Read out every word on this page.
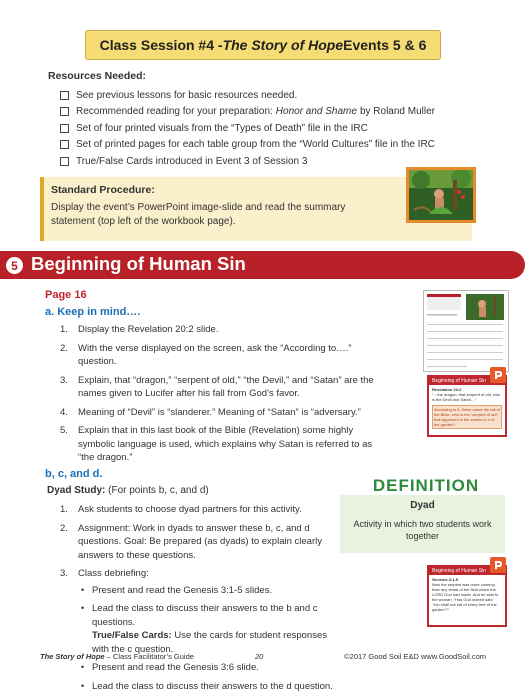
Class Session #4 - The Story of Hope Events 5 & 6
Resources Needed:
See previous lessons for basic resources needed.
Recommended reading for your preparation: Honor and Shame by Roland Muller
Set of four printed visuals from the “Types of Death” file in the IRC
Set of printed pages for each table group from the “World Cultures” file in the IRC
True/False Cards introduced in Event 3 of Session 3
Standard Procedure:
Display the event’s PowerPoint image-slide and read the summary statement (top left of the workbook page).
5 Beginning of Human Sin
Page 16
a. Keep in mind….
1. Display the Revelation 20:2 slide.
2. With the verse displayed on the screen, ask the “According to….” question.
3. Explain, that “dragon,” “serpent of old,” “the Devil,” and “Satan” are the names given to Lucifer after his fall from God’s favor.
4. Meaning of “Devil” is “slanderer.” Meaning of “Satan” is “adversary.”
5. Explain that in this last book of the Bible (Revelation) some highly symbolic language is used, which explains why Satan is referred to as “the dragon.”
b, c, and d.
Dyad Study: (For points b, c, and d)
1. Ask students to choose dyad partners for this activity.
2. Assignment: Work in dyads to answer these b, c, and d questions. Goal: Be prepared (as dyads) to explain clearly answers to these questions.
3. Class debriefing:
• Present and read the Genesis 3:1-5 slides.
• Lead the class to discuss their answers to the b and c questions.
True/False Cards: Use the cards for student responses with the c question.
• Present and read the Genesis 3:6 slide.
• Lead the class to discuss their answers to the d question.
DEFINITION
Dyad
Activity in which two students work together
Beginning of Human Sin
Revelation 20:2
“…the dragon, that serpent of old, who is the Devil and Satan…”
According to it, these name the fall of the Bible, who is the “serpent of old”, that appeared in the events in 4 of the garden?
Beginning of Human Sin
Genesis 3:1-5
Now the serpent was more cunning than any beast of the field which the LORD God had made. And he said to the woman, “Has God indeed said, ‘You shall not eat of every tree of the garden’?”
The Story of Hope – Class Facilitator’s Guide	20	©2017 Good Soil E&D www.GoodSoil.com
